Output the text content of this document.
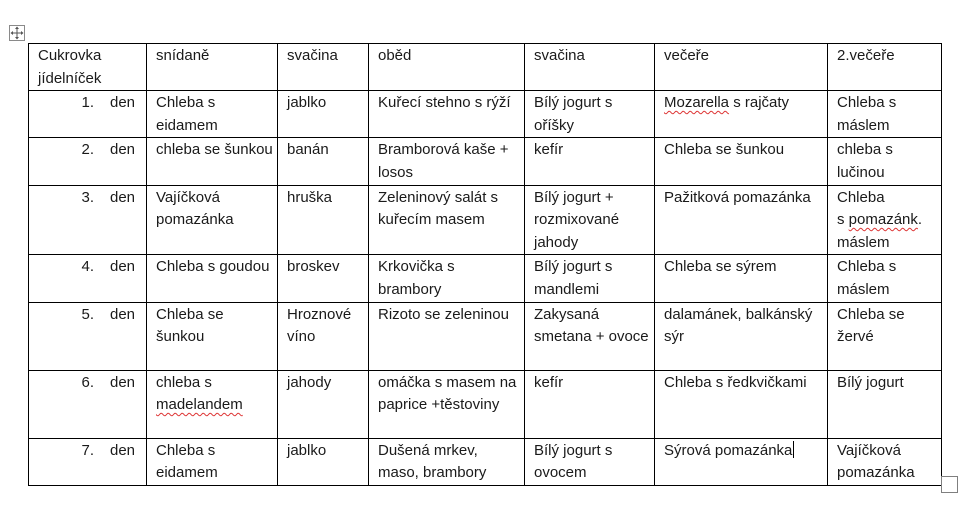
Cukrovka
jídelníček	snídaně	svačina	oběd	svačina	večeře	2.večeře
1. den	Chleba s eidamem	jablko	Kuřecí stehno s rýží	Bílý jogurt s oříšky	Mozarella s rajčaty	Chleba s máslem
2. den	chleba se šunkou	banán	Bramborová kaše + losos	kefír	Chleba se šunkou	chleba s lučinou
3. den	Vajíčková pomazánka	hruška	Zeleninový salát s kuřecím masem	Bílý jogurt + rozmixované jahody	Pažitková pomazánka	Chleba
s pomazánk. máslem
4. den	Chleba s goudou	broskev	Krkovička s brambory	Bílý jogurt s mandlemi	Chleba se sýrem	Chleba s máslem
5. den	Chleba se šunkou	Hroznové víno	Rizoto se zeleninou	Zakysaná smetana + ovoce	dalamánek, balkánský sýr	Chleba se žervé
6. den	chleba s madelandem	jahody	omáčka s masem na paprice +těstoviny	kefír	Chleba s ředkvičkami	Bílý jogurt
7. den	Chleba s eidamem	jablko	Dušená mrkev, maso, brambory	Bílý jogurt s ovocem	Sýrová pomazánka	Vajíčková pomazánka
